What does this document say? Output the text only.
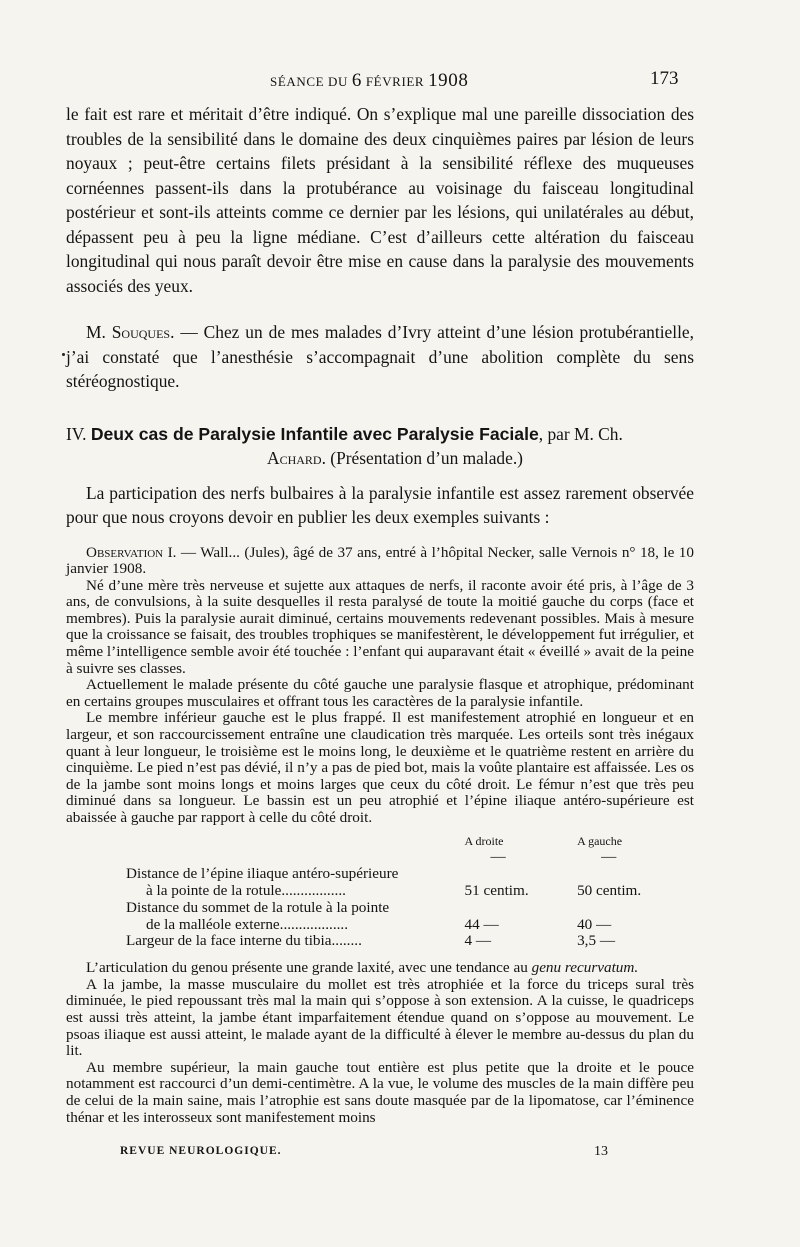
SÉANCE DU 6 FÉVRIER 1908	173

le fait est rare et méritait d’être indiqué. On s’explique mal une pareille dissociation des troubles de la sensibilité dans le domaine des deux cinquièmes paires par lésion de leurs noyaux ; peut-être certains filets présidant à la sensibilité réflexe des muqueuses cornéennes passent-ils dans la protubérance au voisinage du faisceau longitudinal postérieur et sont-ils atteints comme ce dernier par les lésions, qui unilatérales au début, dépassent peu à peu la ligne médiane. C’est d’ailleurs cette altération du faisceau longitudinal qui nous paraît devoir être mise en cause dans la paralysie des mouvements associés des yeux.

M. Souques. — Chez un de mes malades d’Ivry atteint d’une lésion protubérantielle, j’ai constaté que l’anesthésie s’accompagnait d’une abolition complète du sens stéréognostique.

IV. Deux cas de Paralysie Infantile avec Paralysie Faciale, par M. Ch.
Achard. (Présentation d’un malade.)

La participation des nerfs bulbaires à la paralysie infantile est assez rarement observée pour que nous croyons devoir en publier les deux exemples suivants :

Observation I. — Wall... (Jules), âgé de 37 ans, entré à l’hôpital Necker, salle Vernois n° 18, le 10 janvier 1908.

Né d’une mère très nerveuse et sujette aux attaques de nerfs, il raconte avoir été pris, à l’âge de 3 ans, de convulsions, à la suite desquelles il resta paralysé de toute la moitié gauche du corps (face et membres). Puis la paralysie aurait diminué, certains mouvements redevenant possibles. Mais à mesure que la croissance se faisait, des troubles trophiques se manifestèrent, le développement fut irrégulier, et même l’intelligence semble avoir été touchée : l’enfant qui auparavant était « éveillé » avait de la peine à suivre ses classes.

Actuellement le malade présente du côté gauche une paralysie flasque et atrophique, prédominant en certains groupes musculaires et offrant tous les caractères de la paralysie infantile.

Le membre inférieur gauche est le plus frappé. Il est manifestement atrophié en longueur et en largeur, et son raccourcissement entraîne une claudication très marquée. Les orteils sont très inégaux quant à leur longueur, le troisième est le moins long, le deuxième et le quatrième restent en arrière du cinquième. Le pied n’est pas dévié, il n’y a pas de pied bot, mais la voûte plantaire est affaissée. Les os de la jambe sont moins longs et moins larges que ceux du côté droit. Le fémur n’est que très peu diminué dans sa longueur. Le bassin est un peu atrophié et l’épine iliaque antéro-supérieure est abaissée à gauche par rapport à celle du côté droit.

	A droite	A gauche
	—	—
Distance de l’épine iliaque antéro-supérieure		
à la pointe de la rotule.................	51 centim.	50 centim.
Distance du sommet de la rotule à la pointe		
de la malléole externe..................	44 —	40 —
Largeur de la face interne du tibia........	4 —	3,5 —

L’articulation du genou présente une grande laxité, avec une tendance au genu recurvatum.

A la jambe, la masse musculaire du mollet est très atrophiée et la force du triceps sural très diminuée, le pied repoussant très mal la main qui s’oppose à son extension. A la cuisse, le quadriceps est aussi très atteint, la jambe étant imparfaitement étendue quand on s’oppose au mouvement. Le psoas iliaque est aussi atteint, le malade ayant de la difficulté à élever le membre au-dessus du plan du lit.

Au membre supérieur, la main gauche tout entière est plus petite que la droite et le pouce notamment est raccourci d’un demi-centimètre. A la vue, le volume des muscles de la main diffère peu de celui de la main saine, mais l’atrophie est sans doute masquée par de la lipomatose, car l’éminence thénar et les interosseux sont manifestement moins

REVUE NEUROLOGIQUE.	13
